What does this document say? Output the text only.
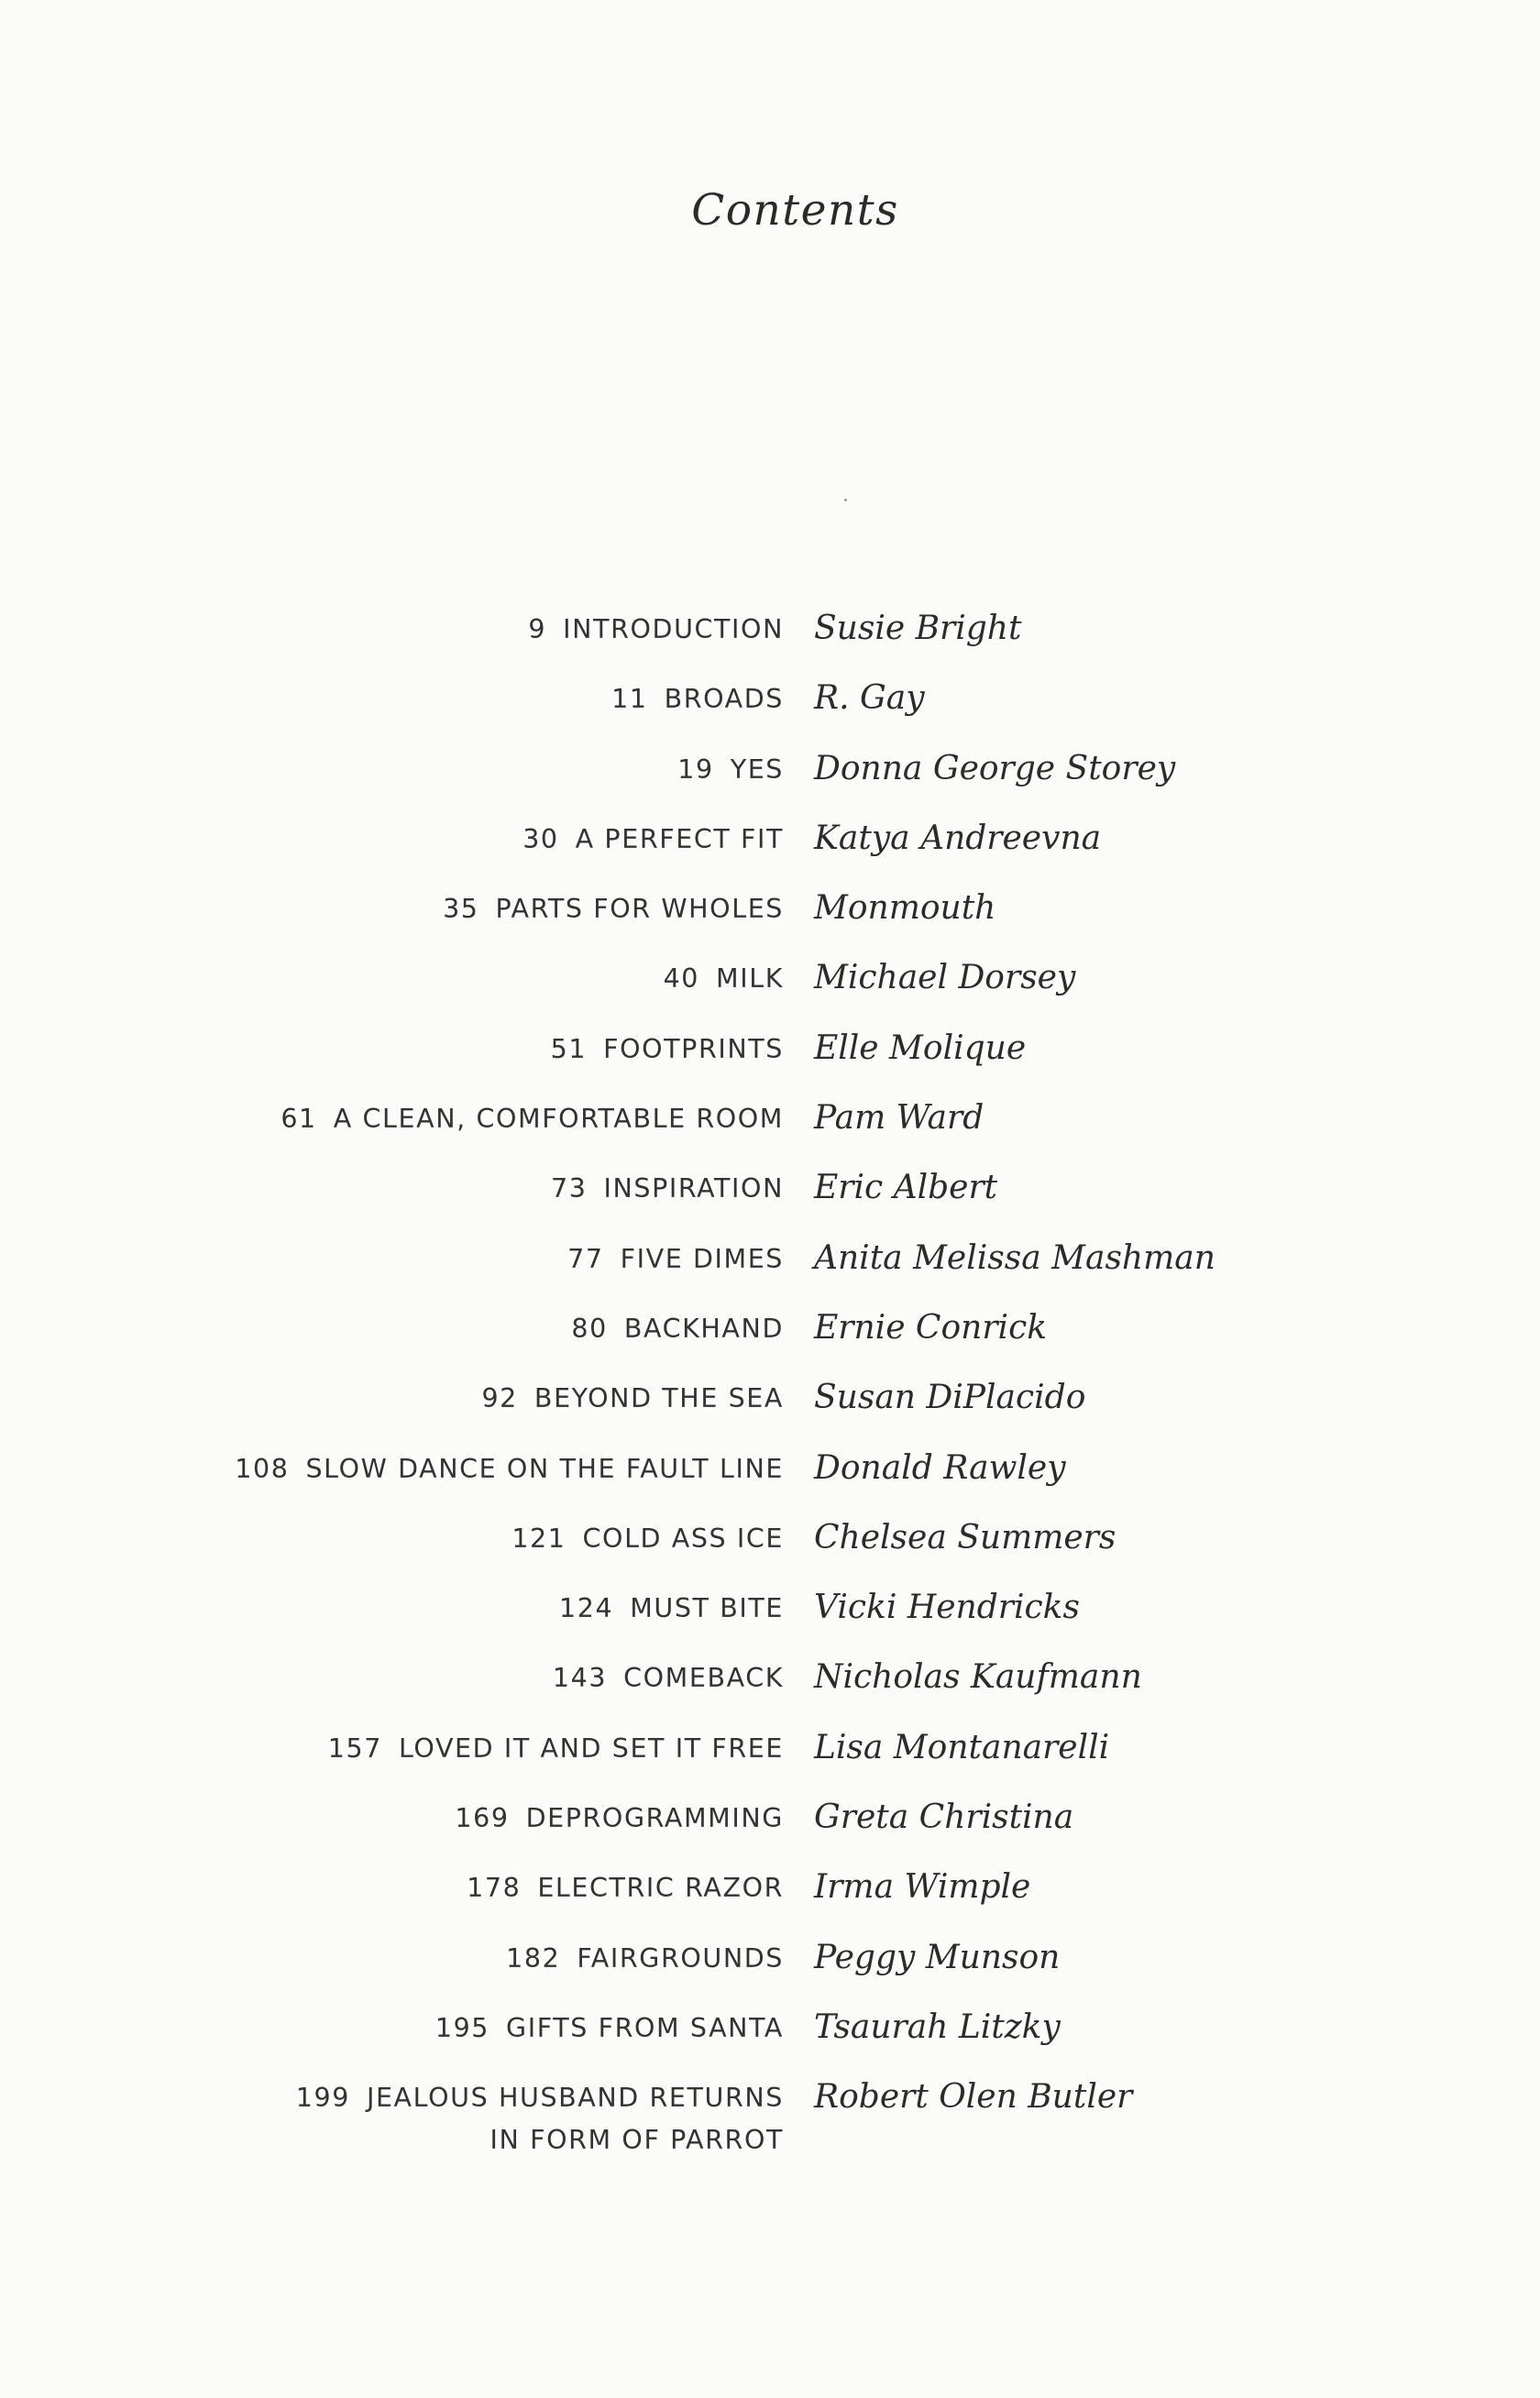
Contents
9 INTRODUCTION Susie Bright
11 BROADS R. Gay
19 YES Donna George Storey
30 A PERFECT FIT Katya Andreevna
35 PARTS FOR WHOLES Monmouth
40 MILK Michael Dorsey
51 FOOTPRINTS Elle Molique
61 A CLEAN, COMFORTABLE ROOM Pam Ward
73 INSPIRATION Eric Albert
77 FIVE DIMES Anita Melissa Mashman
80 BACKHAND Ernie Conrick
92 BEYOND THE SEA Susan DiPlacido
108 SLOW DANCE ON THE FAULT LINE Donald Rawley
121 COLD ASS ICE Chelsea Summers
124 MUST BITE Vicki Hendricks
143 COMEBACK Nicholas Kaufmann
157 LOVED IT AND SET IT FREE Lisa Montanarelli
169 DEPROGRAMMING Greta Christina
178 ELECTRIC RAZOR Irma Wimple
182 FAIRGROUNDS Peggy Munson
195 GIFTS FROM SANTA Tsaurah Litzky
199 JEALOUS HUSBAND RETURNS
IN FORM OF PARROT
Robert Olen Butler
